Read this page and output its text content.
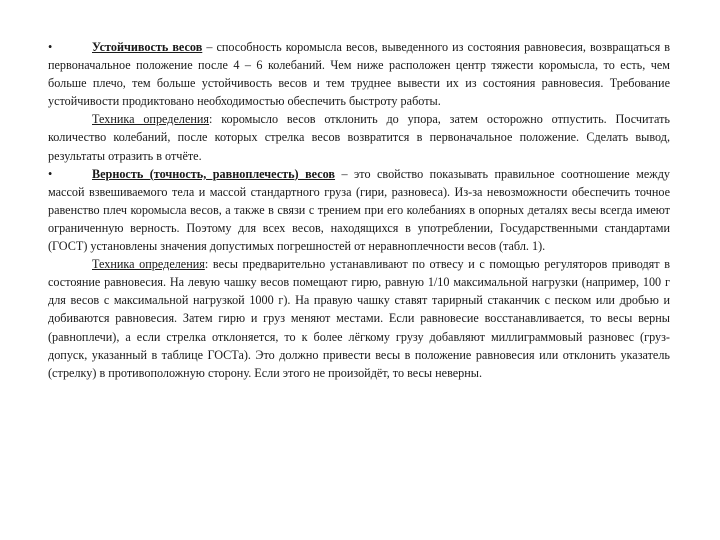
•	Устойчивость весов – способность коромысла весов, выведенного из состояния равновесия, возвращаться в первоначальное положение после 4 – 6 колебаний. Чем ниже расположен центр тяжести коромысла, то есть, чем больше плечо, тем больше устойчивость весов и тем труднее вывести их из состояния равновесия. Требование устойчивости продиктовано необходимостью обеспечить быстроту работы.

Техника определения: коромысло весов отклонить до упора, затем осторожно отпустить. Посчитать количество колебаний, после которых стрелка весов возвратится в первоначальное положение. Сделать вывод, результаты отразить в отчёте.

•	Верность (точность, равноплечесть) весов – это свойство показывать правильное соотношение между массой взвешиваемого тела и массой стандартного груза (гири, разновеса). Из-за невозможности обеспечить точное равенство плеч коромысла весов, а также в связи с трением при его колебаниях в опорных деталях весы всегда имеют ограниченную верность. Поэтому для всех весов, находящихся в употреблении, Государственными стандартами (ГОСТ) установлены значения допустимых погрешностей от неравноплечности весов (табл. 1).

Техника определения: весы предварительно устанавливают по отвесу и с помощью регуляторов приводят в состояние равновесия. На левую чашку весов помещают гирю, равную 1/10 максимальной нагрузки (например, 100 г для весов с максимальной нагрузкой 1000 г). На правую чашку ставят тарирный стаканчик с песком или дробью и добиваются равновесия. Затем гирю и груз меняют местами. Если равновесие восстанавливается, то весы верны (равноплечи), а если стрелка отклоняется, то к более лёгкому грузу добавляют миллиграммовый разновес (груз-допуск, указанный в таблице ГОСТа). Это должно привести весы в положение равновесия или отклонить указатель (стрелку) в противоположную сторону. Если этого не произойдёт, то весы неверны.
